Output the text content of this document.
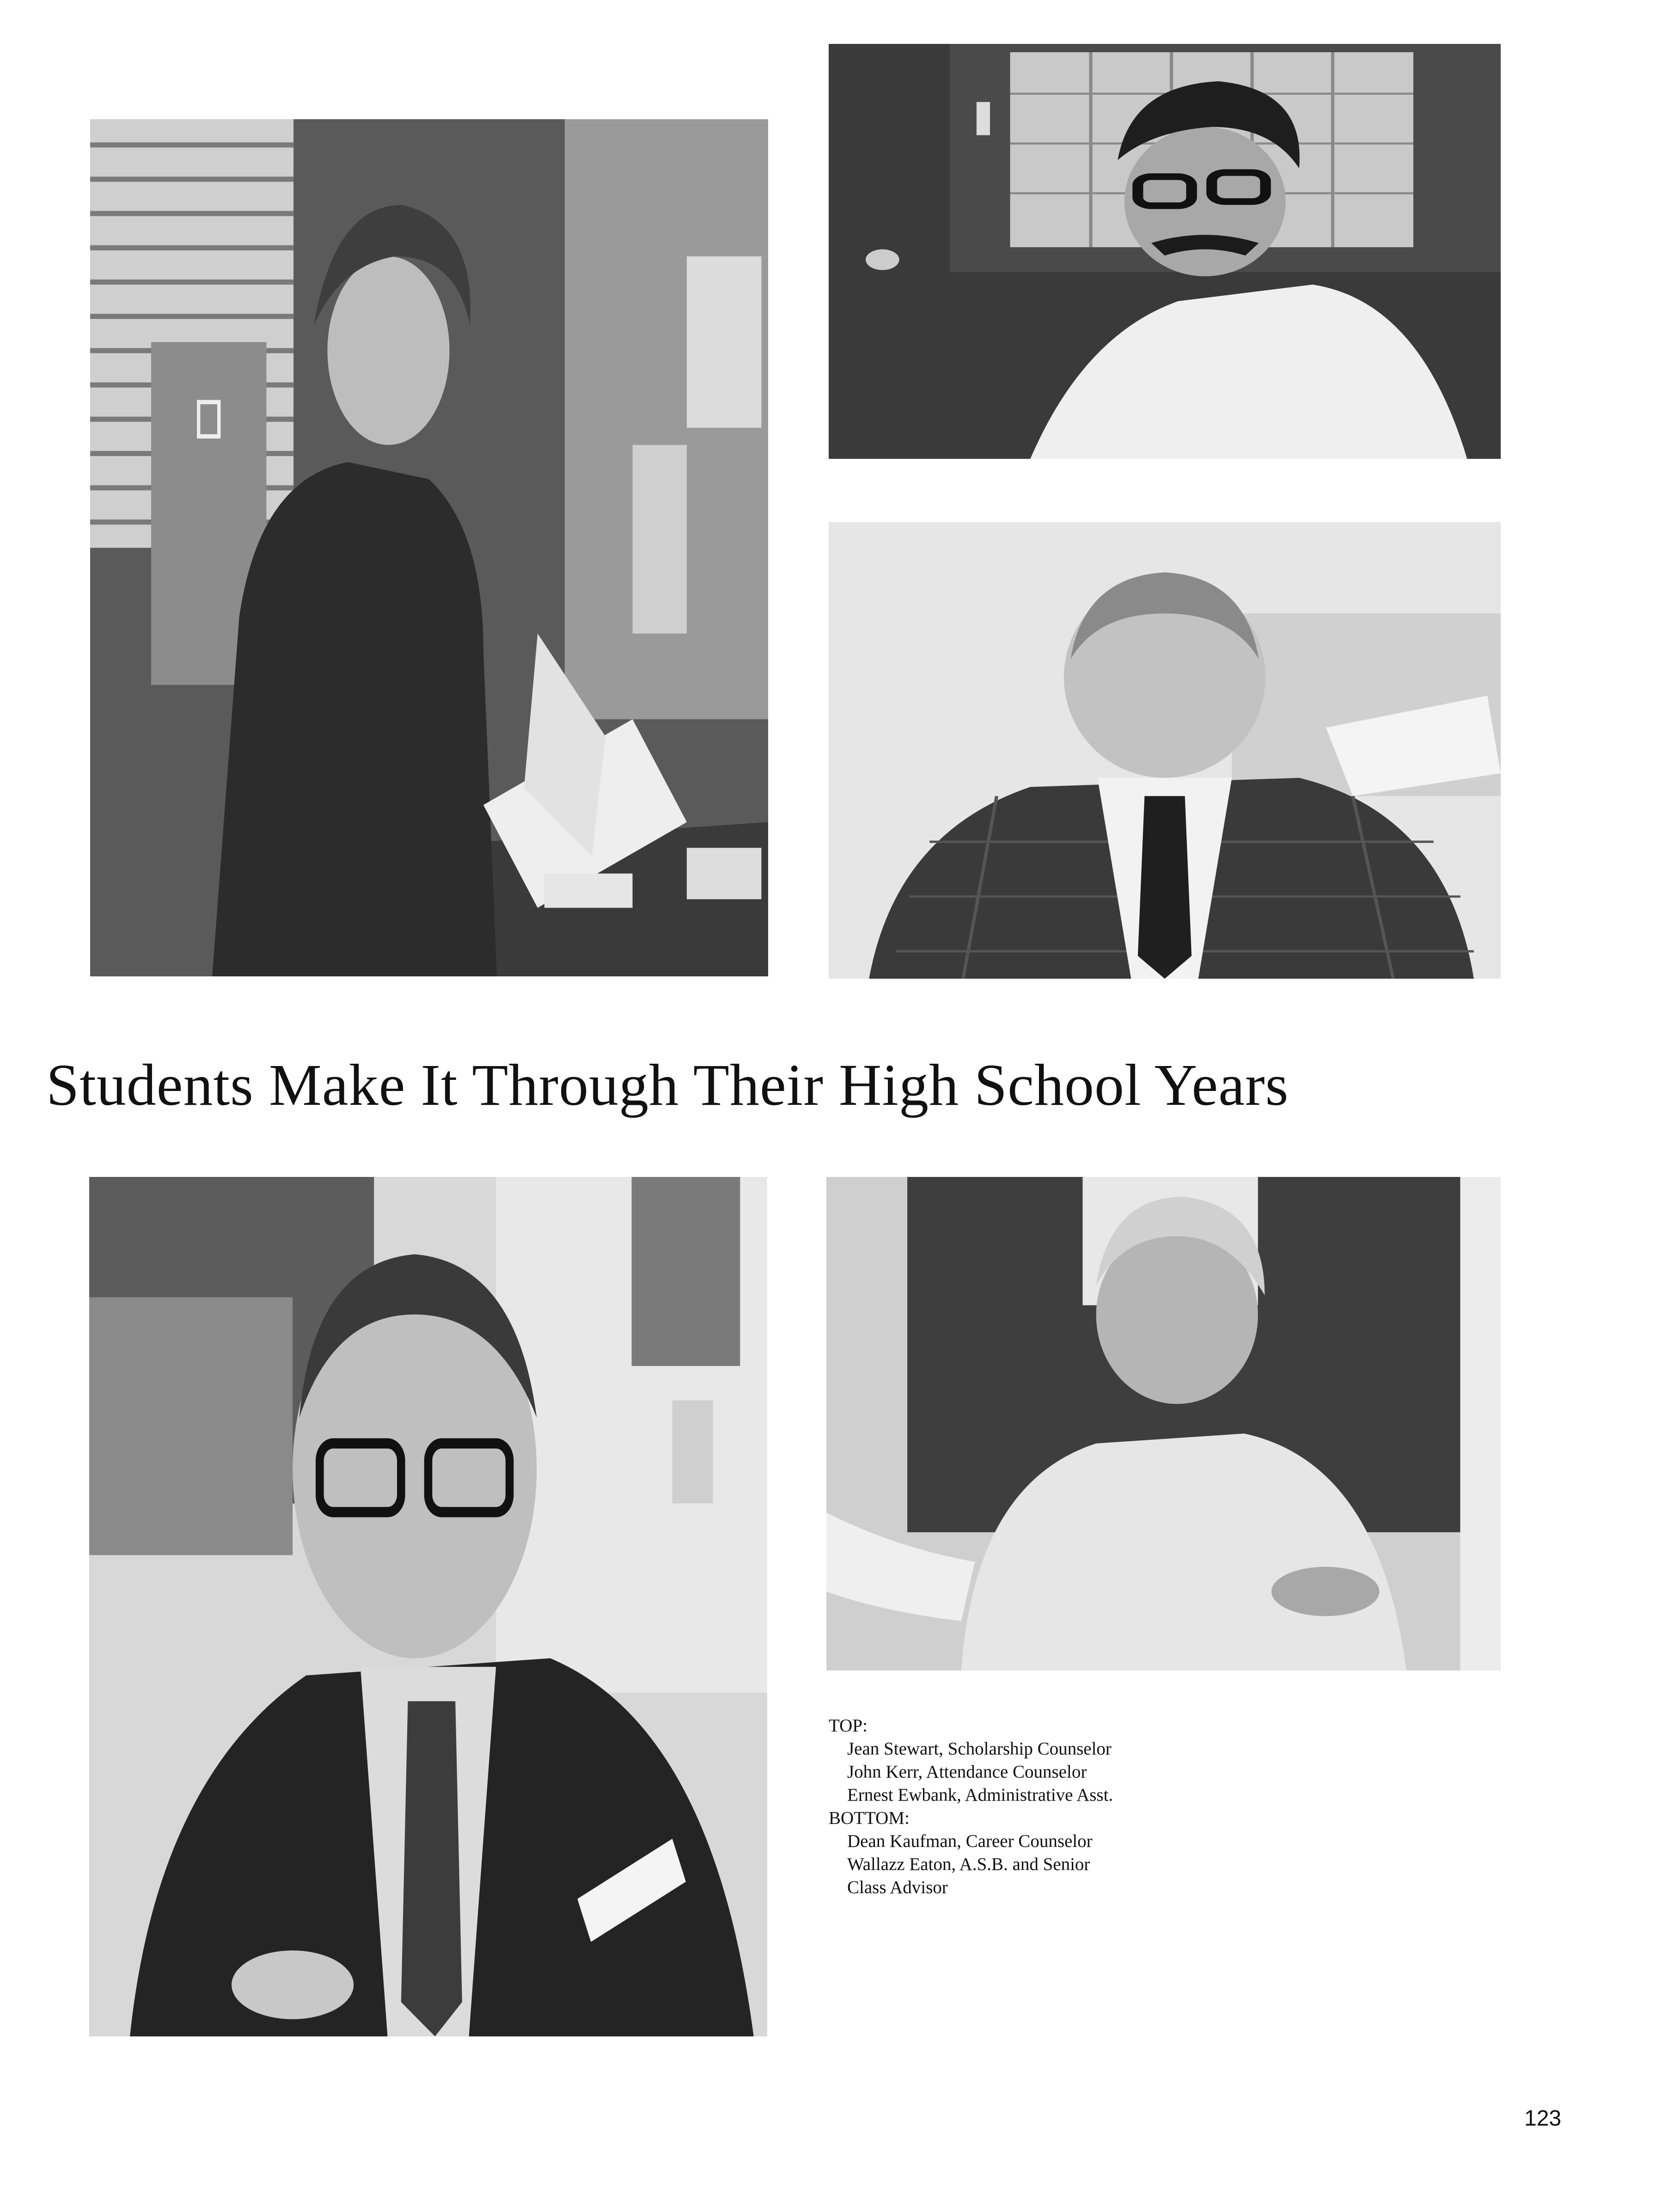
Students Make It Through Their High School Years
TOP:
Jean Stewart, Scholarship Counselor
John Kerr, Attendance Counselor
Ernest Ewbank, Administrative Asst.
BOTTOM:
Dean Kaufman, Career Counselor
Wallazz Eaton, A.S.B. and Senior
Class Advisor
123
